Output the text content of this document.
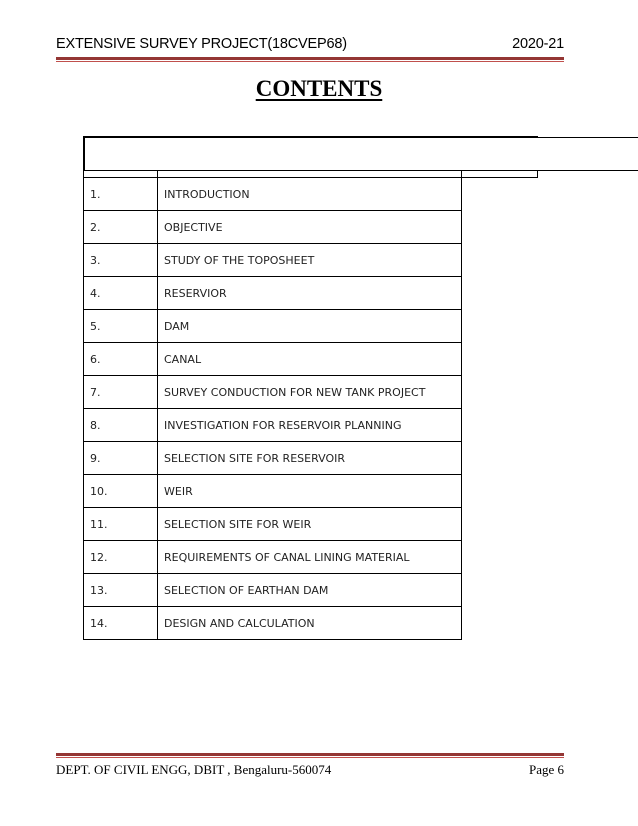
EXTENSIVE SURVEY PROJECT(18CVEP68)	2020-21
CONTENTS

1.	INTRODUCTION	

2.	OBJECTIVE	

3.	STUDY OF THE TOPOSHEET	

4.	RESERVIOR	

5.	DAM	

6.	CANAL	

7.	SURVEY CONDUCTION FOR NEW TANK PROJECT	

8.	INVESTIGATION FOR RESERVOIR PLANNING	

9.	SELECTION SITE FOR RESERVOIR	

10.	WEIR	

11.	SELECTION SITE FOR WEIR	

12.	REQUIREMENTS OF CANAL LINING MATERIAL	

13.	SELECTION OF EARTHAN DAM	

14.	DESIGN AND CALCULATION	
DEPT. OF CIVIL ENGG, DBIT , Bengaluru-560074	Page 6
